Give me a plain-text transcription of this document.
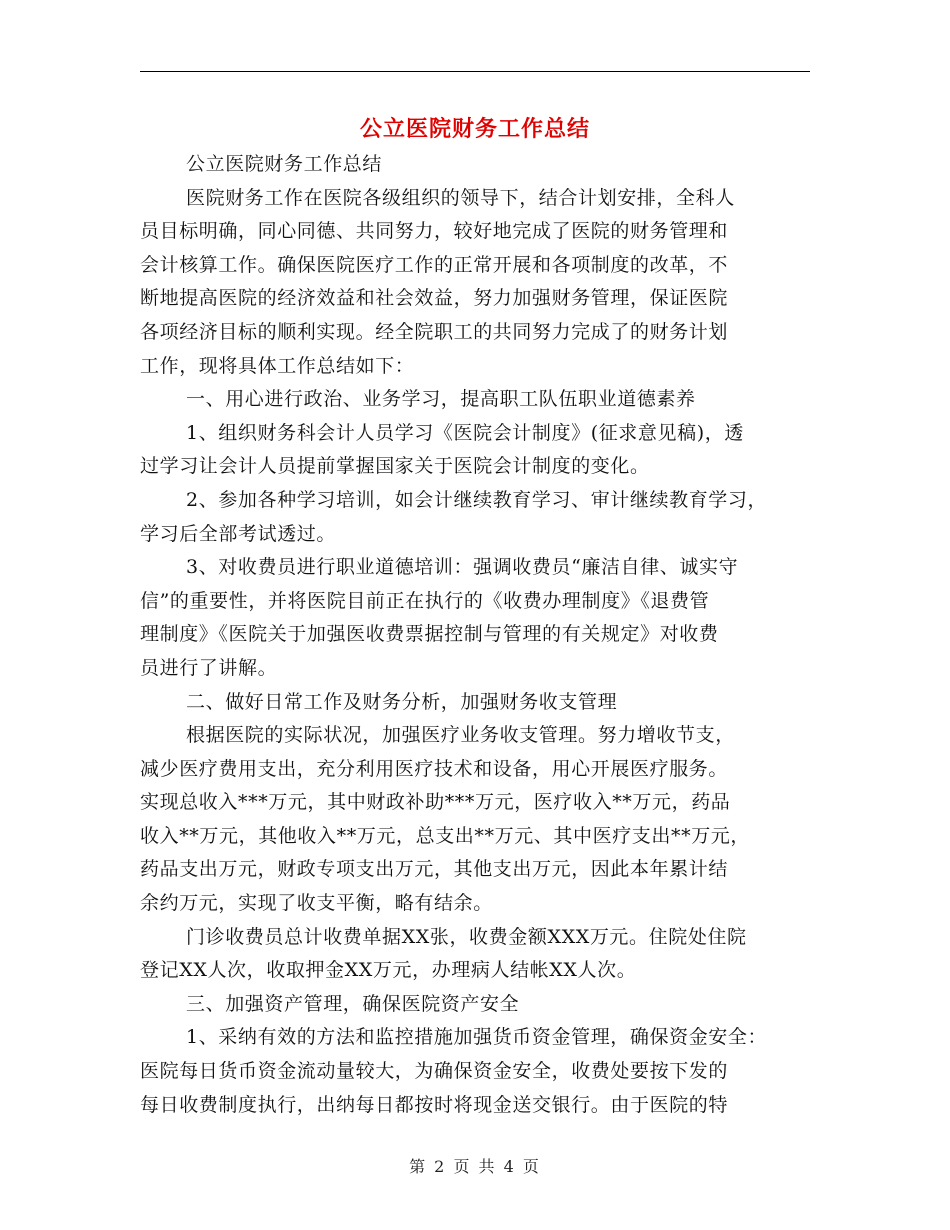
公立医院财务工作总结
公立医院财务工作总结
医院财务工作在医院各级组织的领导下，结合计划安排，全科人
员目标明确，同心同德、共同努力，较好地完成了医院的财务管理和
会计核算工作。确保医院医疗工作的正常开展和各项制度的改革，不
断地提高医院的经济效益和社会效益，努力加强财务管理，保证医院
各项经济目标的顺利实现。经全院职工的共同努力完成了的财务计划
工作，现将具体工作总结如下：
一、用心进行政治、业务学习，提高职工队伍职业道德素养
1、组织财务科会计人员学习《医院会计制度》(征求意见稿)，透
过学习让会计人员提前掌握国家关于医院会计制度的变化。
2、参加各种学习培训，如会计继续教育学习、审计继续教育学习，
学习后全部考试透过。
3、对收费员进行职业道德培训：强调收费员“廉洁自律、诚实守
信”的重要性，并将医院目前正在执行的《收费办理制度》《退费管
理制度》《医院关于加强医收费票据控制与管理的有关规定》对收费
员进行了讲解。
二、做好日常工作及财务分析，加强财务收支管理
根据医院的实际状况，加强医疗业务收支管理。努力增收节支，
减少医疗费用支出，充分利用医疗技术和设备，用心开展医疗服务。
实现总收入***万元，其中财政补助***万元，医疗收入**万元，药品
收入**万元，其他收入**万元，总支出**万元、其中医疗支出**万元，
药品支出万元，财政专项支出万元，其他支出万元，因此本年累计结
余约万元，实现了收支平衡，略有结余。
门诊收费员总计收费单据XX张，收费金额XXX万元。住院处住院
登记XX人次，收取押金XX万元，办理病人结帐XX人次。
三、加强资产管理，确保医院资产安全
1、采纳有效的方法和监控措施加强货币资金管理，确保资金安全：
医院每日货币资金流动量较大，为确保资金安全，收费处要按下发的
每日收费制度执行，出纳每日都按时将现金送交银行。由于医院的特
第 2 页 共 4 页
